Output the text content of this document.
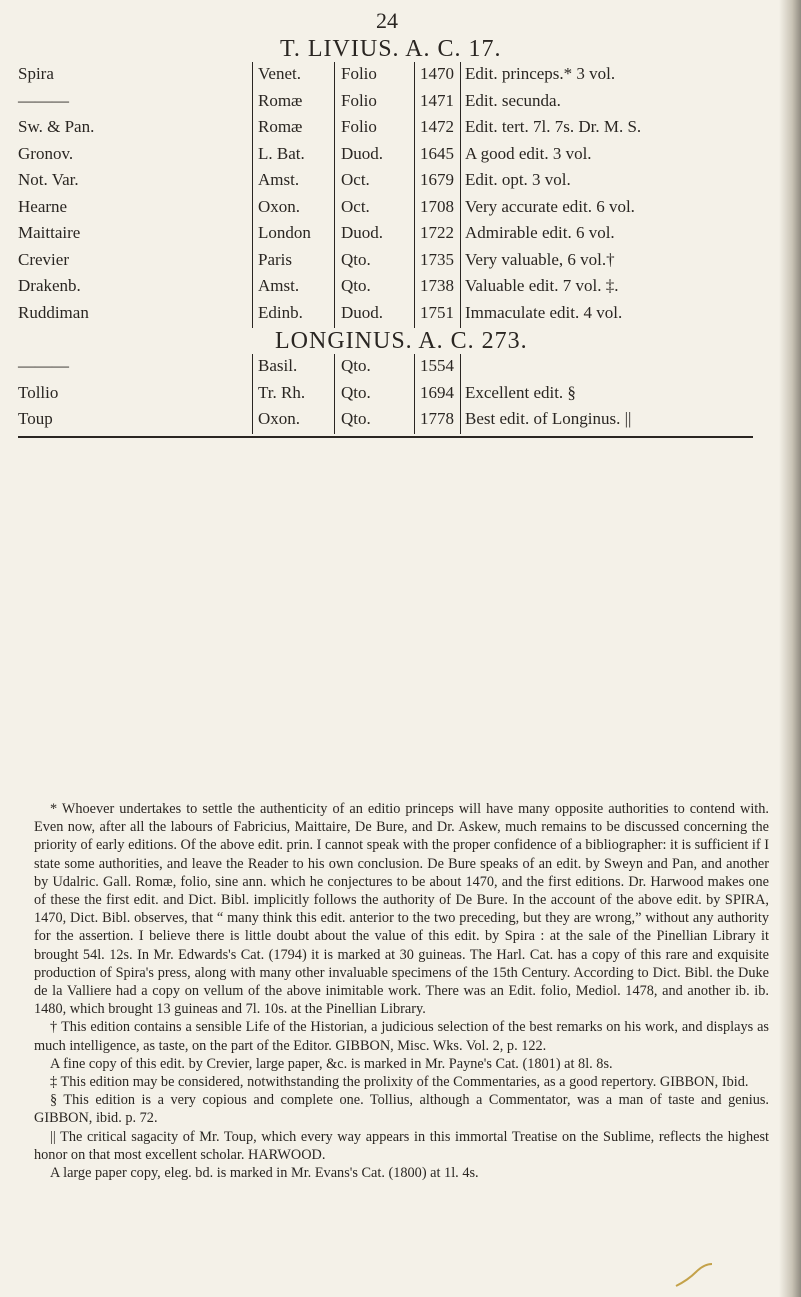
24
T. LIVIUS. A. C. 17.
Spira	Venet. Folio	1470 Edit. princeps.* 3 vol.
———	Romæ Folio	1471 Edit. secunda.
Sw. & Pan.	Romæ Folio	1472 Edit. tert. 7l. 7s. Dr. M. S.
Gronov.	L. Bat. Duod. 1645 A good edit. 3 vol.
Not. Var.	Amst. Oct.	1679 Edit. opt. 3 vol.
Hearne	Oxon. Oct.	1708 Very accurate edit. 6 vol.
Maittaire	London Duod. 1722 Admirable edit. 6 vol.
Crevier	Paris	Qto.	1735 Very valuable, 6 vol.†
Drakenb.	Amst. Qto.	1738 Valuable edit. 7 vol. ‡.
Ruddiman	Edinb. Duod. 1751 Immaculate edit. 4 vol.
LONGINUS. A. C. 273.
———	Basil.	Qto.	1554
Tollio	Tr. Rh. Qto.	1694 Excellent edit. §
Toup	Oxon. Qto.	1778 Best edit. of Longinus. ||

* Whoever undertakes to settle the authenticity of an editio princeps will have many opposite authorities to contend with. Even now, after all the labours of Fabricius, Maittaire, De Bure, and Dr. Askew, much remains to be discussed concerning the priority of early editions. Of the above edit. prin. I cannot speak with the proper confidence of a bibliographer: it is sufficient if I state some authorities, and leave the Reader to his own conclusion. De Bure speaks of an edit. by Sweyn and Pan, and another by Udalric. Gall. Romæ, folio, sine ann. which he conjectures to be about 1470, and the first editions. Dr. Harwood makes one of these the first edit. and Dict. Bibl. implicitly follows the authority of De Bure. In the account of the above edit. by SPIRA, 1470, Dict. Bibl. observes, that “ many think this edit. anterior to the two preceding, but they are wrong,” without any authority for the assertion. I believe there is little doubt about the value of this edit. by Spira : at the sale of the Pinellian Library it brought 54l. 12s. In Mr. Edwards's Cat. (1794) it is marked at 30 guineas. The Harl. Cat. has a copy of this rare and exquisite production of Spira's press, along with many other invaluable specimens of the 15th Century. According to Dict. Bibl. the Duke de la Valliere had a copy on vellum of the above inimitable work. There was an Edit. folio, Mediol. 1478, and another ib. ib. 1480, which brought 13 guineas and 7l. 10s. at the Pinellian Library.

† This edition contains a sensible Life of the Historian, a judicious selection of the best remarks on his work, and displays as much intelligence, as taste, on the part of the Editor. GIBBON, Misc. Wks. Vol. 2, p. 122.

A fine copy of this edit. by Crevier, large paper, &c. is marked in Mr. Payne's Cat. (1801) at 8l. 8s.

‡ This edition may be considered, notwithstanding the prolixity of the Commentaries, as a good repertory. GIBBON, Ibid.

§ This edition is a very copious and complete one. Tollius, although a Commentator, was a man of taste and genius. GIBBON, ibid. p. 72.

|| The critical sagacity of Mr. Toup, which every way appears in this immortal Treatise on the Sublime, reflects the highest honor on that most excellent scholar. HARWOOD.

A large paper copy, eleg. bd. is marked in Mr. Evans's Cat. (1800) at 1l. 4s.
